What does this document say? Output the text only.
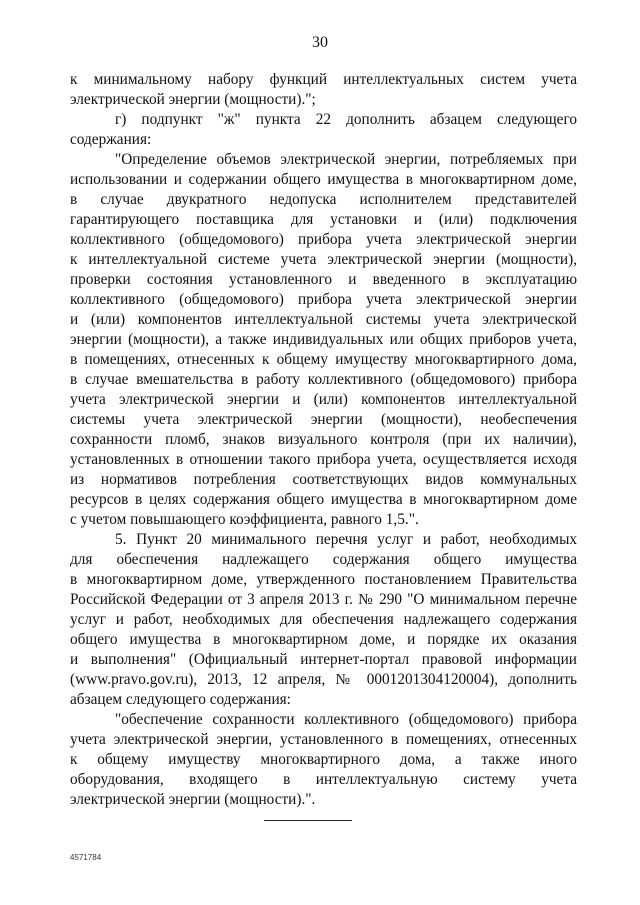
30
к минимальному набору функций интеллектуальных систем учета
электрической энергии (мощности).";
г) подпункт "ж" пункта 22 дополнить абзацем следующего
содержания:
"Определение объемов электрической энергии, потребляемых при
использовании и содержании общего имущества в многоквартирном доме,
в случае двукратного недопуска исполнителем представителей
гарантирующего поставщика для установки и (или) подключения
коллективного (общедомового) прибора учета электрической энергии
к интеллектуальной системе учета электрической энергии (мощности),
проверки состояния установленного и введенного в эксплуатацию
коллективного (общедомового) прибора учета электрической энергии
и (или) компонентов интеллектуальной системы учета электрической
энергии (мощности), а также индивидуальных или общих приборов учета,
в помещениях, отнесенных к общему имуществу многоквартирного дома,
в случае вмешательства в работу коллективного (общедомового) прибора
учета электрической энергии и (или) компонентов интеллектуальной
системы учета электрической энергии (мощности), необеспечения
сохранности пломб, знаков визуального контроля (при их наличии),
установленных в отношении такого прибора учета, осуществляется исходя
из нормативов потребления соответствующих видов коммунальных
ресурсов в целях содержания общего имущества в многоквартирном доме
с учетом повышающего коэффициента, равного 1,5.".
5. Пункт 20 минимального перечня услуг и работ, необходимых
для обеспечения надлежащего содержания общего имущества
в многоквартирном доме, утвержденного постановлением Правительства
Российской Федерации от 3 апреля 2013 г. № 290 "О минимальном перечне
услуг и работ, необходимых для обеспечения надлежащего содержания
общего имущества в многоквартирном доме, и порядке их оказания
и выполнения" (Официальный интернет-портал правовой информации
(www.pravo.gov.ru), 2013, 12 апреля, № 0001201304120004), дополнить
абзацем следующего содержания:
"обеспечение сохранности коллективного (общедомового) прибора
учета электрической энергии, установленного в помещениях, отнесенных
к общему имуществу многоквартирного дома, а также иного
оборудования, входящего в интеллектуальную систему учета
электрической энергии (мощности).".
4571784
